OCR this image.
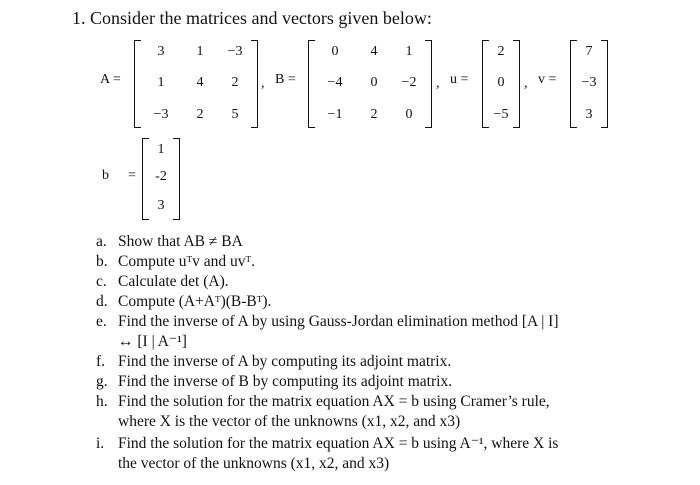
1. Consider the matrices and vectors given below:
A =
3	1	−3
1	4	2
−3	2	5
, B =
0	4	1
−4	0	−2
−1	2	0
, u =
2
0
−5
, v =
7
−3
3
b =
1
-2
3
a. Show that AB ≠ BA
b. Compute uᵀv and uvᵀ.
c. Calculate det (A).
d. Compute (A+Aᵀ)(B-Bᵀ).
e. Find the inverse of A by using Gauss-Jordan elimination method [A | I]
↔ [I | A⁻¹]
f. Find the inverse of A by computing its adjoint matrix.
g. Find the inverse of B by computing its adjoint matrix.
h. Find the solution for the matrix equation AX = b using Cramer’s rule,
where X is the vector of the unknowns (x1, x2, and x3)
i. Find the solution for the matrix equation AX = b using A⁻¹, where X is
the vector of the unknowns (x1, x2, and x3)
